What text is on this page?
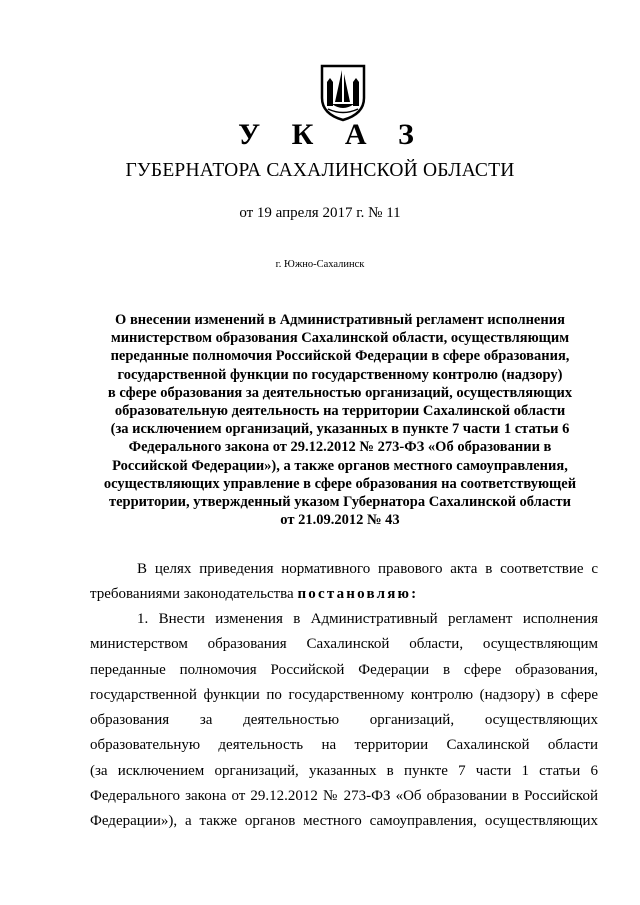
У К А З
ГУБЕРНАТОРА САХАЛИНСКОЙ ОБЛАСТИ
от 19 апреля 2017 г. № 11
г. Южно-Сахалинск
О внесении изменений в Административный регламент исполнения
министерством образования Сахалинской области, осуществляющим
переданные полномочия Российской Федерации в сфере образования,
государственной функции по государственному контролю (надзору)
в сфере образования за деятельностью организаций, осуществляющих
образовательную деятельность на территории Сахалинской области
(за исключением организаций, указанных в пункте 7 части 1 статьи 6
Федерального закона от 29.12.2012 № 273-ФЗ «Об образовании в
Российской Федерации»), а также органов местного самоуправления,
осуществляющих управление в сфере образования на соответствующей
территории, утвержденный указом Губернатора Сахалинской области
от 21.09.2012 № 43
В целях приведения нормативного правового акта в соответствие с
требованиями законодательства постановляю:
1. Внести изменения в Административный регламент исполнения
министерством образования Сахалинской области, осуществляющим
переданные полномочия Российской Федерации в сфере образования,
государственной функции по государственному контролю (надзору) в сфере
образования за деятельностью организаций, осуществляющих
образовательную деятельность на территории Сахалинской области
(за исключением организаций, указанных в пункте 7 части 1 статьи 6
Федерального закона от 29.12.2012 № 273-ФЗ «Об образовании в Российской
Федерации»), а также органов местного самоуправления, осуществляющих
